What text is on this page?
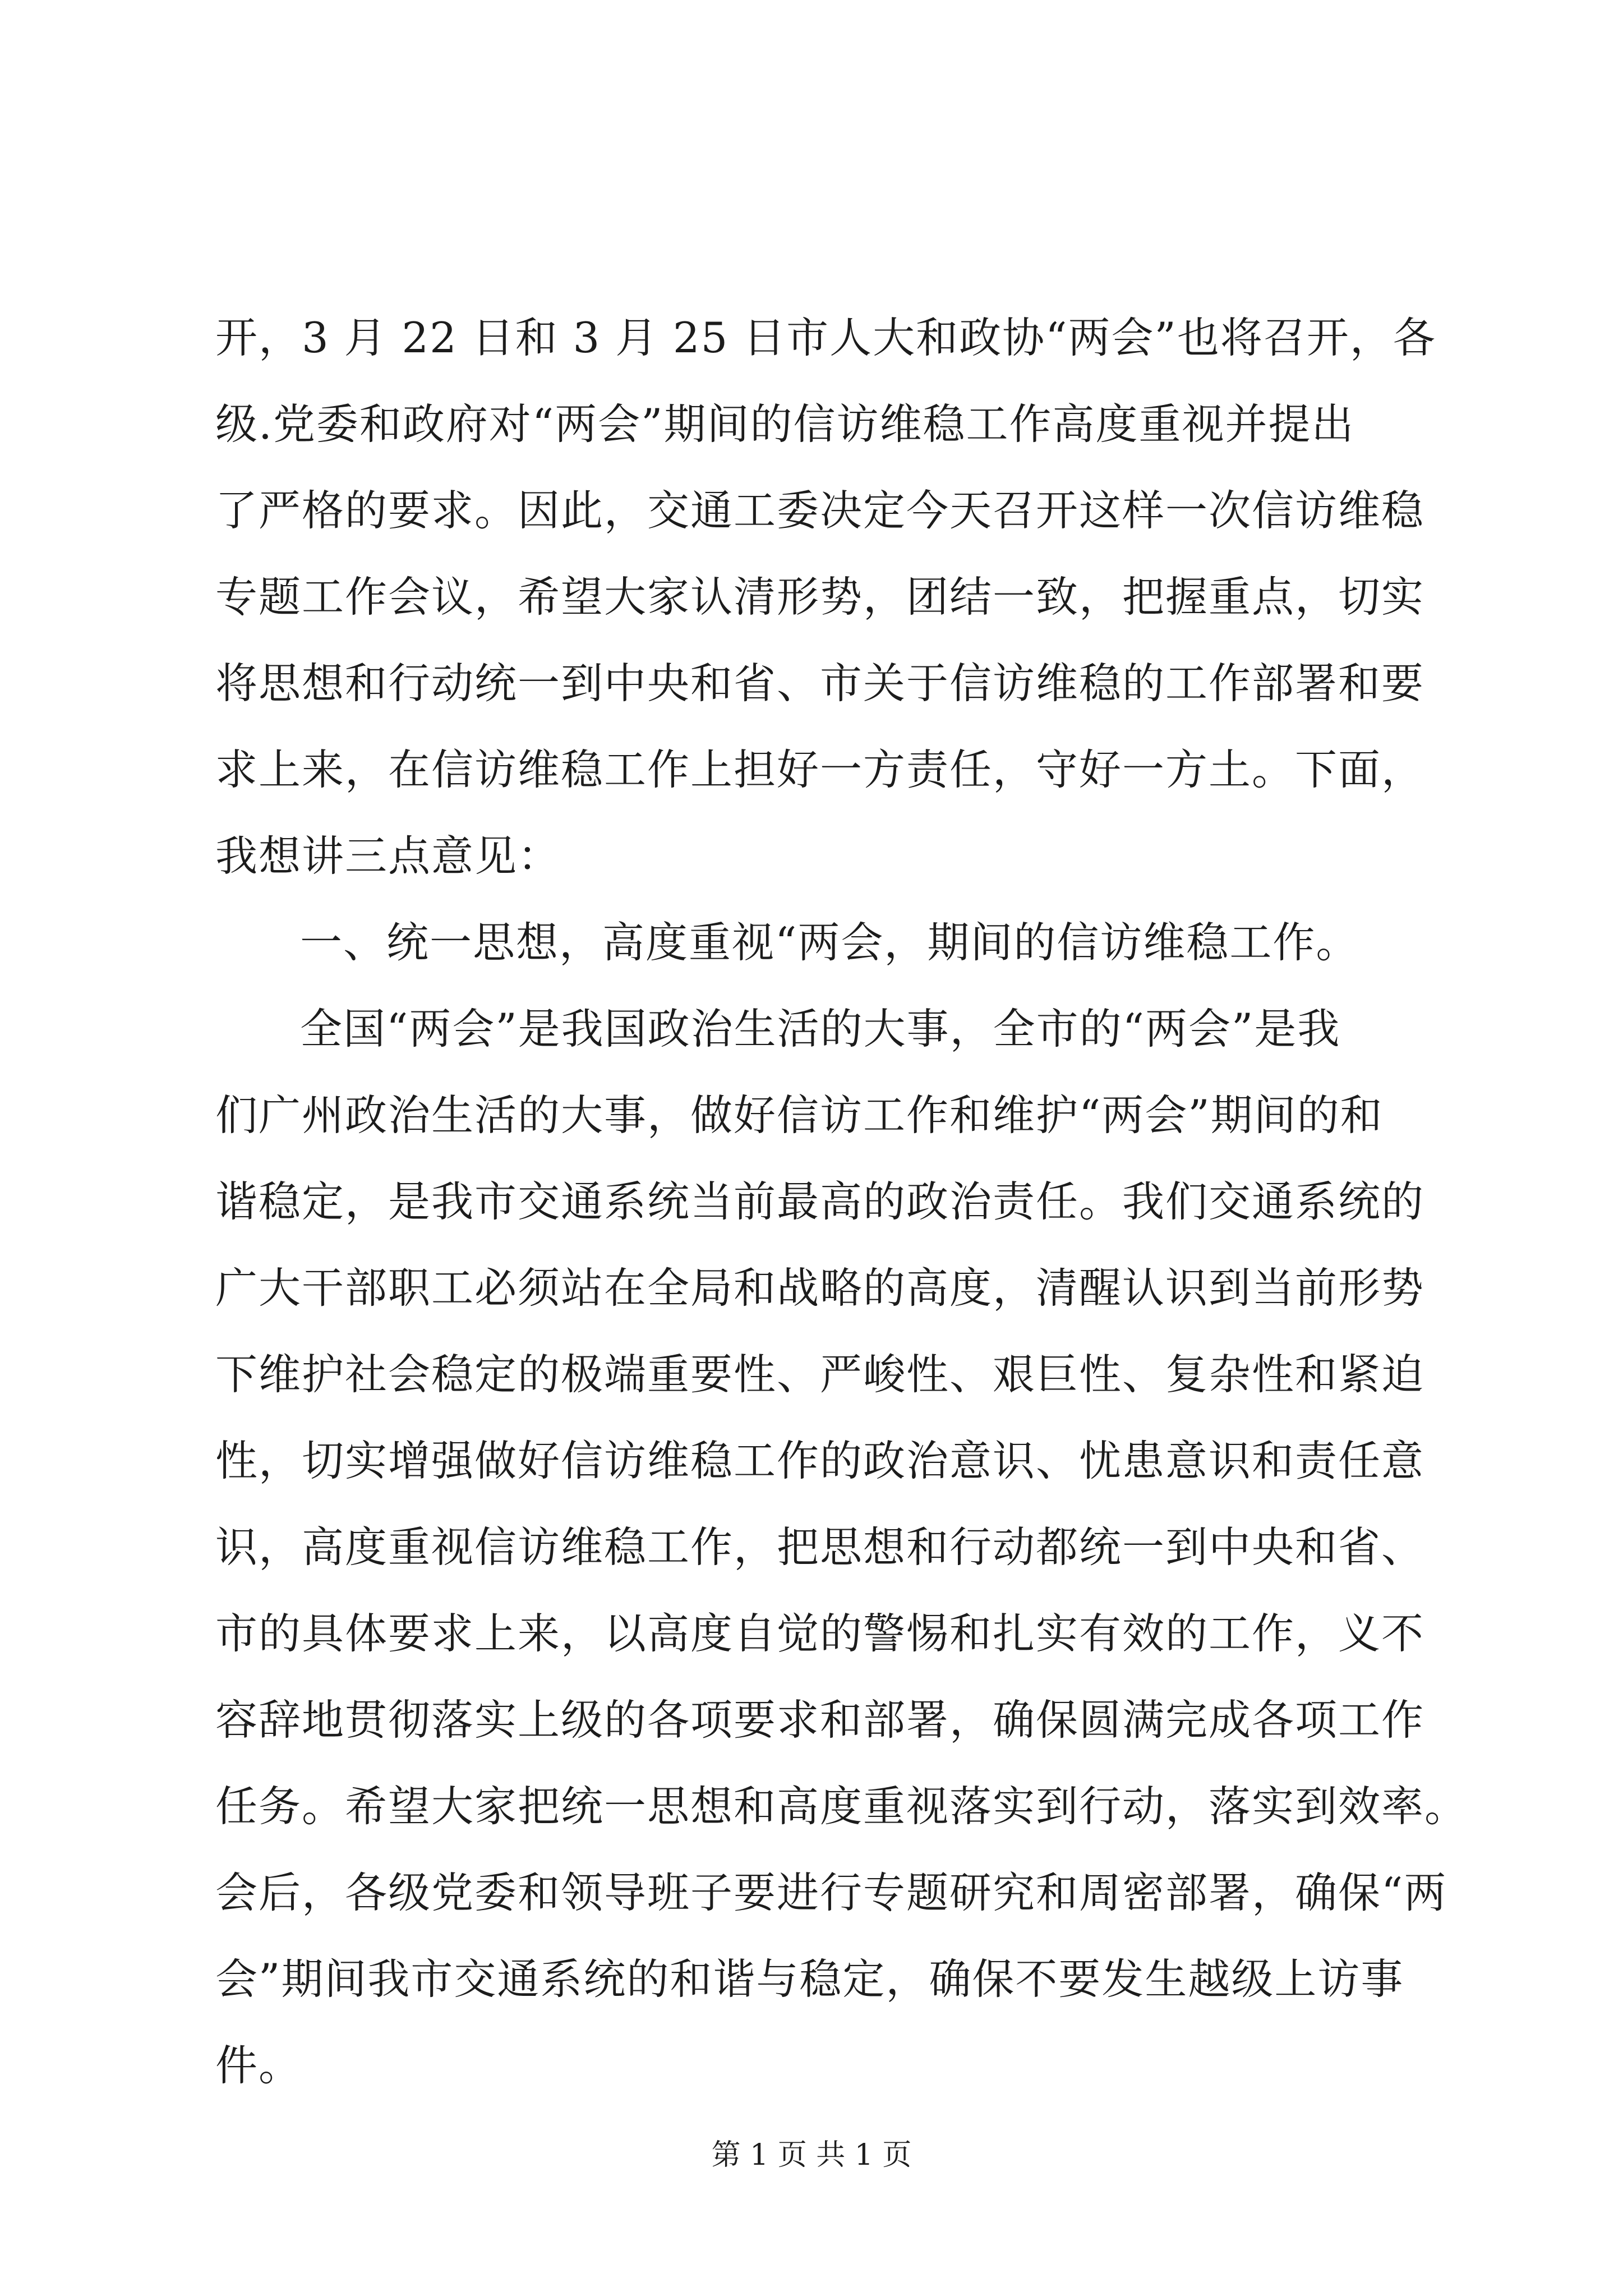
开，3 月 22 日和 3 月 25 日市人大和政协“两会”也将召开，各
级.党委和政府对“两会”期间的信访维稳工作高度重视并提出
了严格的要求。因此，交通工委决定今天召开这样一次信访维稳
专题工作会议，希望大家认清形势，团结一致，把握重点，切实
将思想和行动统一到中央和省、市关于信访维稳的工作部署和要
求上来，在信访维稳工作上担好一方责任，守好一方土。下面，
我想讲三点意见：
一、统一思想，高度重视“两会，期间的信访维稳工作。
全国“两会”是我国政治生活的大事，全市的“两会”是我
们广州政治生活的大事，做好信访工作和维护“两会”期间的和
谐稳定，是我市交通系统当前最高的政治责任。我们交通系统的
广大干部职工必须站在全局和战略的高度，清醒认识到当前形势
下维护社会稳定的极端重要性、严峻性、艰巨性、复杂性和紧迫
性，切实增强做好信访维稳工作的政治意识、忧患意识和责任意
识，高度重视信访维稳工作，把思想和行动都统一到中央和省、
市的具体要求上来，以高度自觉的警惕和扎实有效的工作，义不
容辞地贯彻落实上级的各项要求和部署，确保圆满完成各项工作
任务。希望大家把统一思想和高度重视落实到行动，落实到效率。
会后，各级党委和领导班子要进行专题研究和周密部署，确保“两
会”期间我市交通系统的和谐与稳定，确保不要发生越级上访事
件。
第 1 页 共 1 页
